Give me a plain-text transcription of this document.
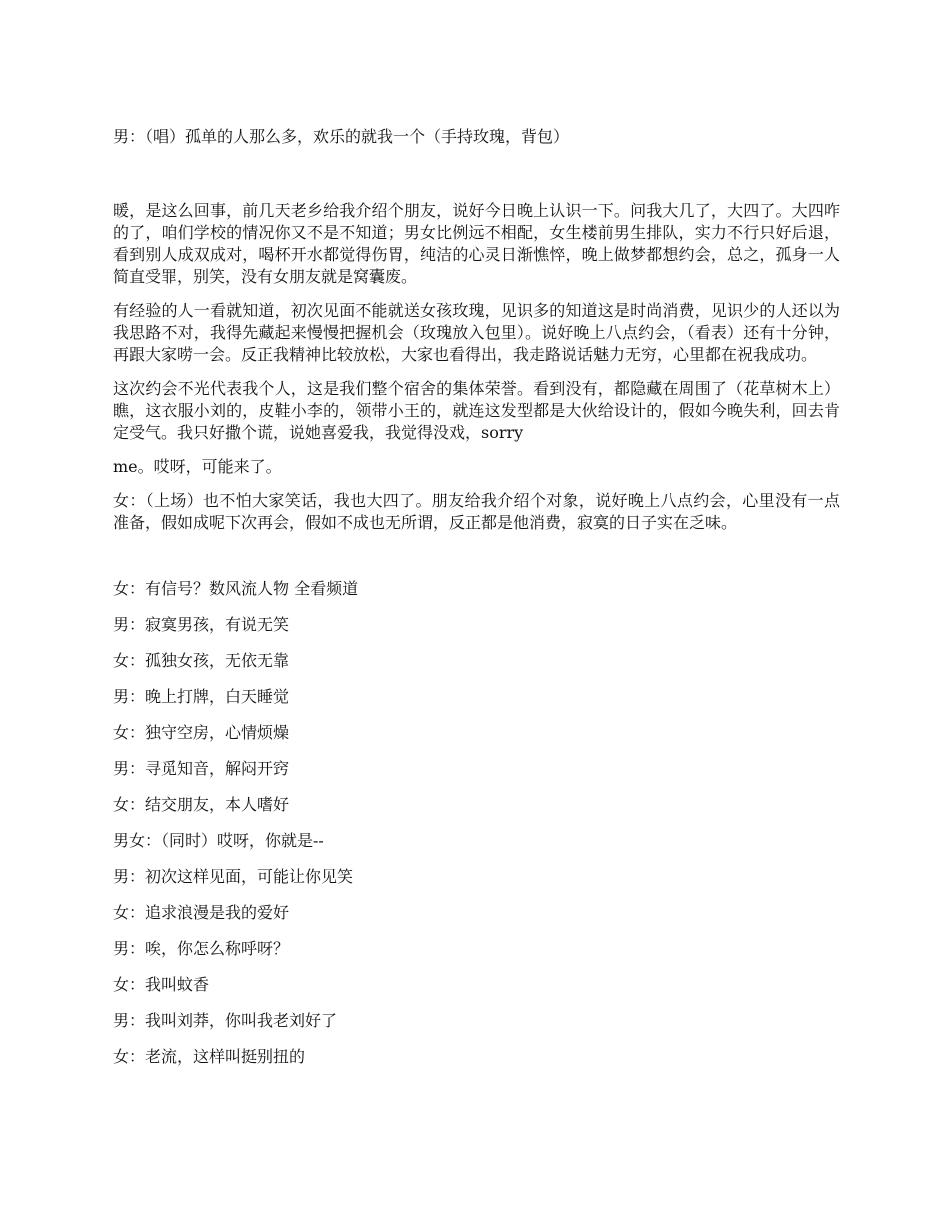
男：（唱）孤单的人那么多，欢乐的就我一个（手持玫瑰，背包）

暖，是这么回事，前几天老乡给我介绍个朋友，说好今日晚上认识一下。问我大几了，大四了。大四咋的了，咱们学校的情况你又不是不知道；男女比例远不相配，女生楼前男生排队，实力不行只好后退，看到别人成双成对，喝杯开水都觉得伤胃，纯洁的心灵日渐憔悴，晚上做梦都想约会，总之，孤身一人简直受罪，别笑，没有女朋友就是窝囊废。

有经验的人一看就知道，初次见面不能就送女孩玫瑰，见识多的知道这是时尚消费，见识少的人还以为我思路不对，我得先藏起来慢慢把握机会（玫瑰放入包里）。说好晚上八点约会，（看表）还有十分钟，再跟大家唠一会。反正我精神比较放松，大家也看得出，我走路说话魅力无穷，心里都在祝我成功。

这次约会不光代表我个人，这是我们整个宿舍的集体荣誉。看到没有，都隐藏在周围了（花草树木上）瞧，这衣服小刘的，皮鞋小李的，领带小王的，就连这发型都是大伙给设计的，假如今晚失利，回去肯定受气。我只好撒个谎，说她喜爱我，我觉得没戏，sorry

me。哎呀，可能来了。

女：（上场）也不怕大家笑话，我也大四了。朋友给我介绍个对象，说好晚上八点约会，心里没有一点准备，假如成呢下次再会，假如不成也无所谓，反正都是他消费，寂寞的日子实在乏味。

女：有信号？数风流人物 全看频道

男：寂寞男孩，有说无笑

女：孤独女孩，无依无靠

男：晚上打牌，白天睡觉

女：独守空房，心情烦燥

男：寻觅知音，解闷开窍

女：结交朋友，本人嗜好

男女：（同时）哎呀，你就是--

男：初次这样见面，可能让你见笑

女：追求浪漫是我的爱好

男：唉，你怎么称呼呀？

女：我叫蚊香

男：我叫刘莽，你叫我老刘好了

女：老流，这样叫挺别扭的
